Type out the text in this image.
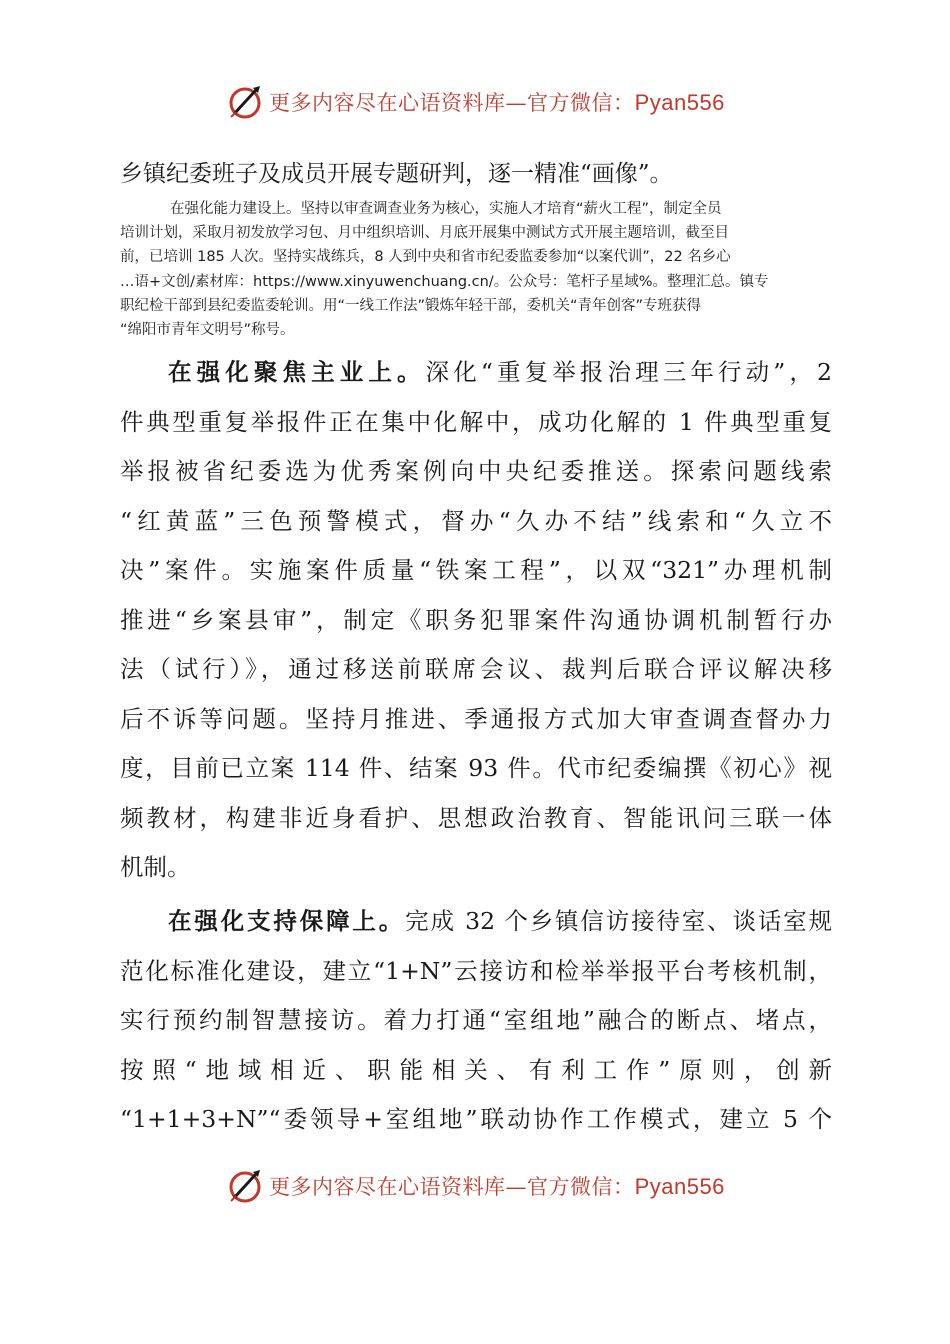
更多内容尽在心语资料库—官方微信：Pyan556
乡镇纪委班子及成员开展专题研判，逐一精准“画像”。
在强化能力建设上。坚持以审查调查业务为核心，实施人才培育“薪火工程”，制定全员
培训计划，采取月初发放学习包、月中组织培训、月底开展集中测试方式开展主题培训，截至目
前，已培训 185 人次。坚持实战练兵，8 人到中央和省市纪委监委参加“以案代训”，22 名乡心
…语+文创/素材库：https://www.xinyuwenchuang.cn/。公众号：笔杆子星域%。整理汇总。镇专
职纪检干部到县纪委监委轮训。用“一线工作法”锻炼年轻干部，委机关“青年创客”专班获得
“绵阳市青年文明号”称号。
在强化聚焦主业上。深化“重复举报治理三年行动”，2
件典型重复举报件正在集中化解中，成功化解的 1 件典型重复
举报被省纪委选为优秀案例向中央纪委推送。探索问题线索
“红黄蓝”三色预警模式，督办“久办不结”线索和“久立不
决”案件。实施案件质量“铁案工程”，以双“321”办理机制
推进“乡案县审”，制定《职务犯罪案件沟通协调机制暂行办
法（试行）》，通过移送前联席会议、裁判后联合评议解决移
后不诉等问题。坚持月推进、季通报方式加大审查调查督办力
度，目前已立案 114 件、结案 93 件。代市纪委编撰《初心》视
频教材，构建非近身看护、思想政治教育、智能讯问三联一体
机制。
在强化支持保障上。完成 32 个乡镇信访接待室、谈话室规
范化标准化建设，建立“1+N”云接访和检举举报平台考核机制，
实行预约制智慧接访。着力打通“室组地”融合的断点、堵点，
按照“地域相近、职能相关、有利工作”原则，创新
“1+1+3+N”“委领导+室组地”联动协作工作模式，建立 5 个
更多内容尽在心语资料库—官方微信：Pyan556
